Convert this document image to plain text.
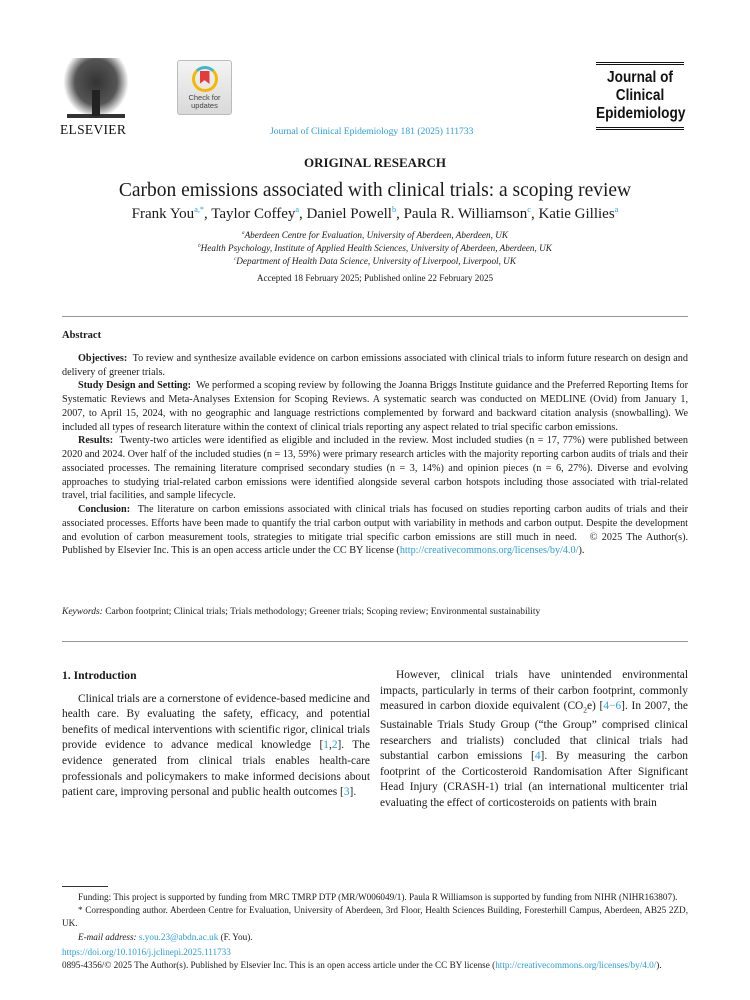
ELSEVIER
Check for
updates
Journal of
Clinical
Epidemiology
Journal of Clinical Epidemiology 181 (2025) 111733
ORIGINAL RESEARCH
Carbon emissions associated with clinical trials: a scoping review
Frank You$^{a,*}$, Taylor Coffey$^a$, Daniel Powell$^b$, Paula R. Williamson$^c$, Katie Gillies$^a$
$^a$Aberdeen Centre for Evaluation, University of Aberdeen, Aberdeen, UK
$^b$Health Psychology, Institute of Applied Health Sciences, University of Aberdeen, Aberdeen, UK
$^c$Department of Health Data Science, University of Liverpool, Liverpool, UK
Accepted 18 February 2025; Published online 22 February 2025
Abstract

Objectives: To review and synthesize available evidence on carbon emissions associated with clinical trials to inform future research on design and delivery of greener trials.

Study Design and Setting: We performed a scoping review by following the Joanna Briggs Institute guidance and the Preferred Reporting Items for Systematic Reviews and Meta-Analyses Extension for Scoping Reviews. A systematic search was conducted on MEDLINE (Ovid) from January 1, 2007, to April 15, 2024, with no geographic and language restrictions complemented by forward and backward citation analysis (snowballing). We included all types of research literature within the context of clinical trials reporting any aspect related to trial specific carbon emissions.

Results: Twenty-two articles were identified as eligible and included in the review. Most included studies (n = 17, 77%) were published between 2020 and 2024. Over half of the included studies (n = 13, 59%) were primary research articles with the majority reporting carbon audits of trials and their associated processes. The remaining literature comprised secondary studies (n = 3, 14%) and opinion pieces (n = 6, 27%). Diverse and evolving approaches to studying trial-related carbon emissions were identified alongside several carbon hotspots including those associated with trial-related travel, trial facilities, and sample lifecycle.

Conclusion: The literature on carbon emissions associated with clinical trials has focused on studies reporting carbon audits of trials and their associated processes. Efforts have been made to quantify the trial carbon output with variability in methods and carbon output. Despite the development and evolution of carbon measurement tools, strategies to mitigate trial specific carbon emissions are still much in need. © 2025 The Author(s). Published by Elsevier Inc. This is an open access article under the CC BY license (http://creativecommons.org/licenses/by/4.0/).

Keywords: Carbon footprint; Clinical trials; Trials methodology; Greener trials; Scoping review; Environmental sustainability
1. Introduction

Clinical trials are a cornerstone of evidence-based medicine and health care. By evaluating the safety, efficacy, and potential benefits of medical interventions with scientific rigor, clinical trials provide evidence to advance medical knowledge [1,2]. The evidence generated from clinical trials enables health-care professionals and policymakers to make informed decisions about patient care, improving personal and public health outcomes [3].

However, clinical trials have unintended environmental impacts, particularly in terms of their carbon footprint, commonly measured in carbon dioxide equivalent $(CO_2e)$ [4−6]. In 2007, the Sustainable Trials Study Group (“the Group” comprised clinical researchers and trialists) concluded that clinical trials had substantial carbon emissions [4]. By measuring the carbon footprint of the Corticosteroid Randomisation After Significant Head Injury (CRASH-1) trial (an international multicenter trial evaluating the effect of corticosteroids on patients with brain

Funding: This project is supported by funding from MRC TMRP DTP (MR/W006049/1). Paula R Williamson is supported by funding from NIHR (NIHR163807).

* Corresponding author. Aberdeen Centre for Evaluation, University of Aberdeen, 3rd Floor, Health Sciences Building, Foresterhill Campus, Aberdeen, AB25 2ZD, UK.

E-mail address: s.you.23@abdn.ac.uk (F. You).

https://doi.org/10.1016/j.jclinepi.2025.111733
0895-4356/© 2025 The Author(s). Published by Elsevier Inc. This is an open access article under the CC BY license (http://creativecommons.org/licenses/by/4.0/).
